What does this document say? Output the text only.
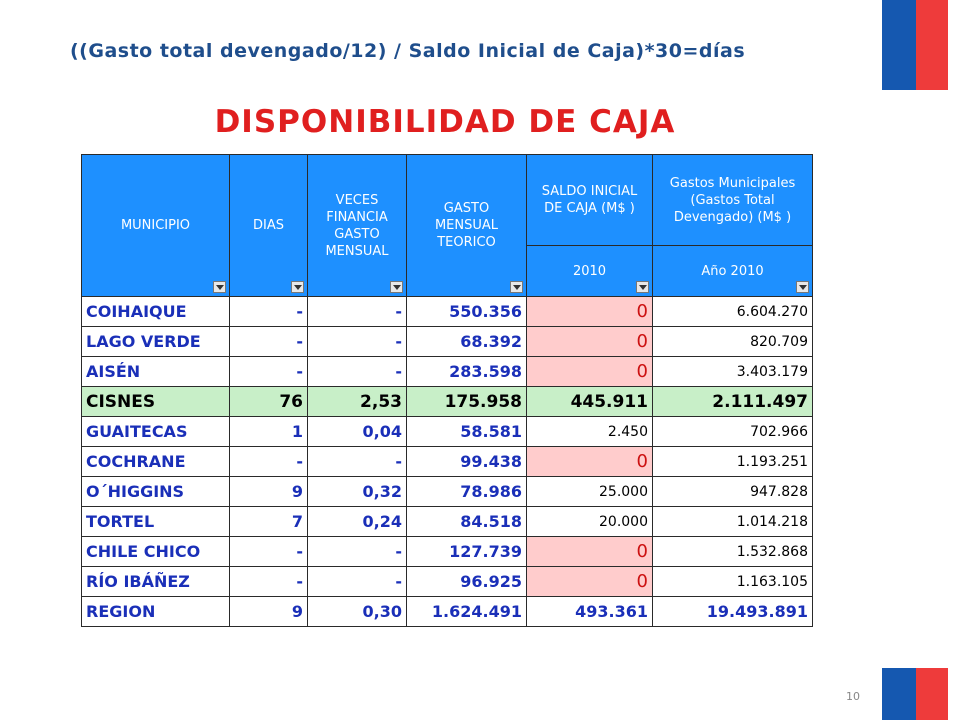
((Gasto total devengado/12) / Saldo Inicial de Caja)*30=días
DISPONIBILIDAD DE CAJA
MUNICIPIO	DIAS	VECES FINANCIA GASTO MENSUAL	GASTO MENSUAL TEORICO	SALDO INICIAL DE CAJA (M$ )	Gastos Municipales (Gastos Total Devengado) (M$ )
				2010	Año 2010

COIHAIQUE	-	-	550.356	0	6.604.270
LAGO VERDE	-	-	68.392	0	820.709
AISÉN	-	-	283.598	0	3.403.179
CISNES	76	2,53	175.958	445.911	2.111.497
GUAITECAS	1	0,04	58.581	2.450	702.966
COCHRANE	-	-	99.438	0	1.193.251
O´HIGGINS	9	0,32	78.986	25.000	947.828
TORTEL	7	0,24	84.518	20.000	1.014.218
CHILE CHICO	-	-	127.739	0	1.532.868
RÍO IBÁÑEZ	-	-	96.925	0	1.163.105
REGION	9	0,30	1.624.491	493.361	19.493.891
10
